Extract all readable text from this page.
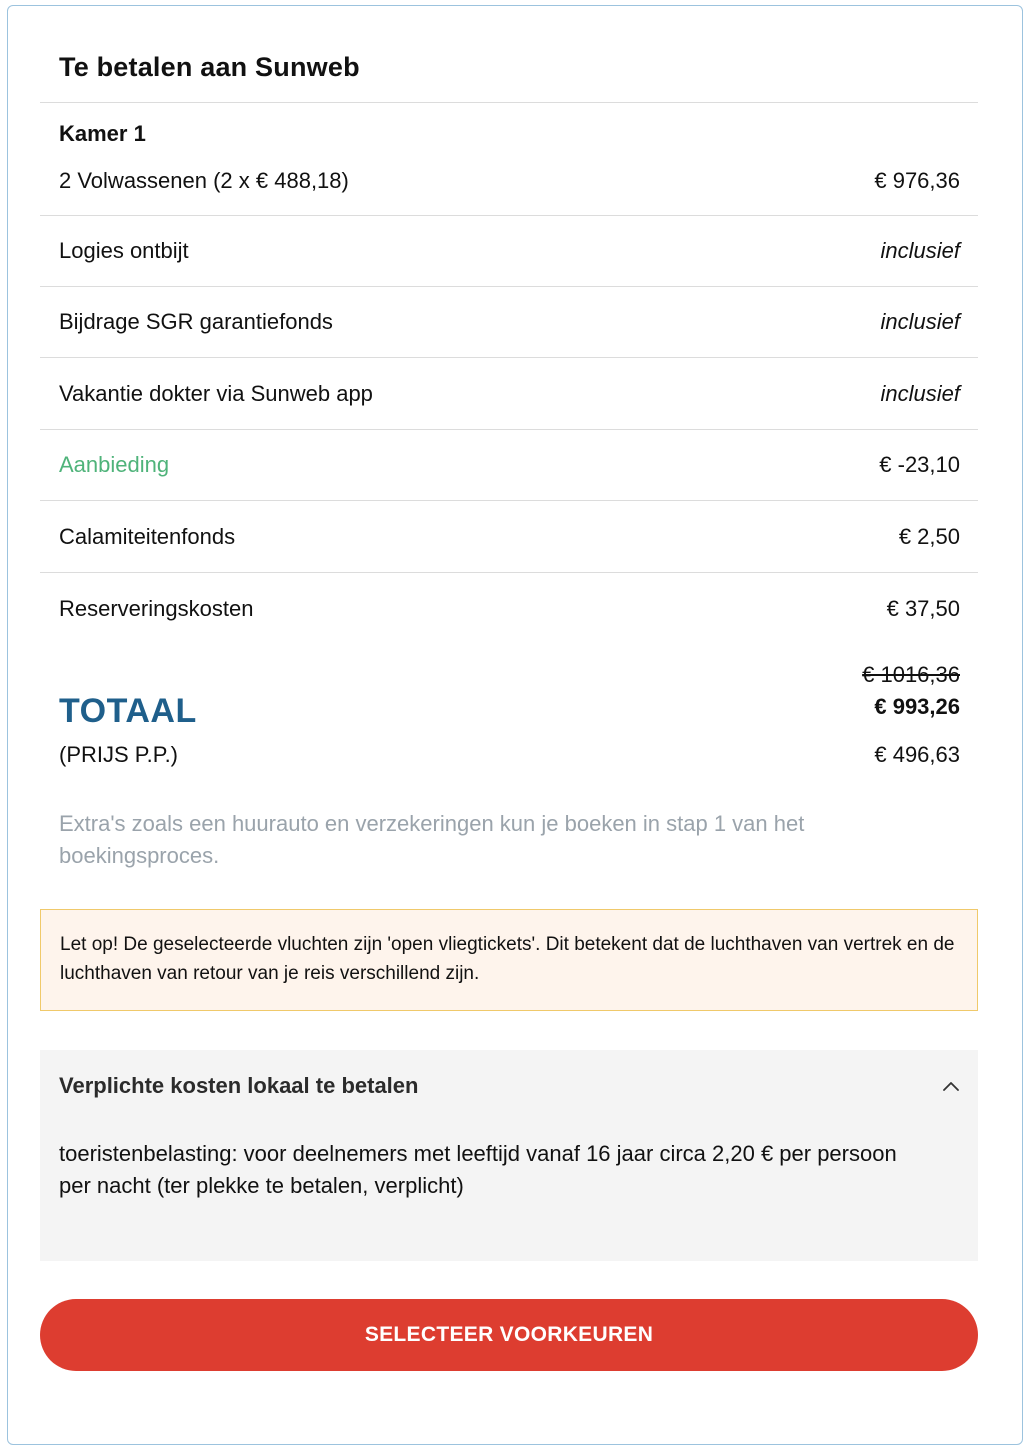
Te betalen aan Sunweb
Kamer 1
2 Volwassenen (2 x € 488,18)	€ 976,36
Logies ontbijt	inclusief
Bijdrage SGR garantiefonds	inclusief
Vakantie dokter via Sunweb app	inclusief
Aanbieding	€ -23,10
Calamiteitenfonds	€ 2,50
Reserveringskosten	€ 37,50
€ 1016,36
TOTAAL	€ 993,26
(PRIJS P.P.)	€ 496,63
Extra's zoals een huurauto en verzekeringen kun je boeken in stap 1 van het boekingsproces.
Let op! De geselecteerde vluchten zijn 'open vliegtickets'. Dit betekent dat de luchthaven van vertrek en de luchthaven van retour van je reis verschillend zijn.
Verplichte kosten lokaal te betalen
toeristenbelasting: voor deelnemers met leeftijd vanaf 16 jaar circa 2,20 € per persoon per nacht (ter plekke te betalen, verplicht)
SELECTEER VOORKEUREN
